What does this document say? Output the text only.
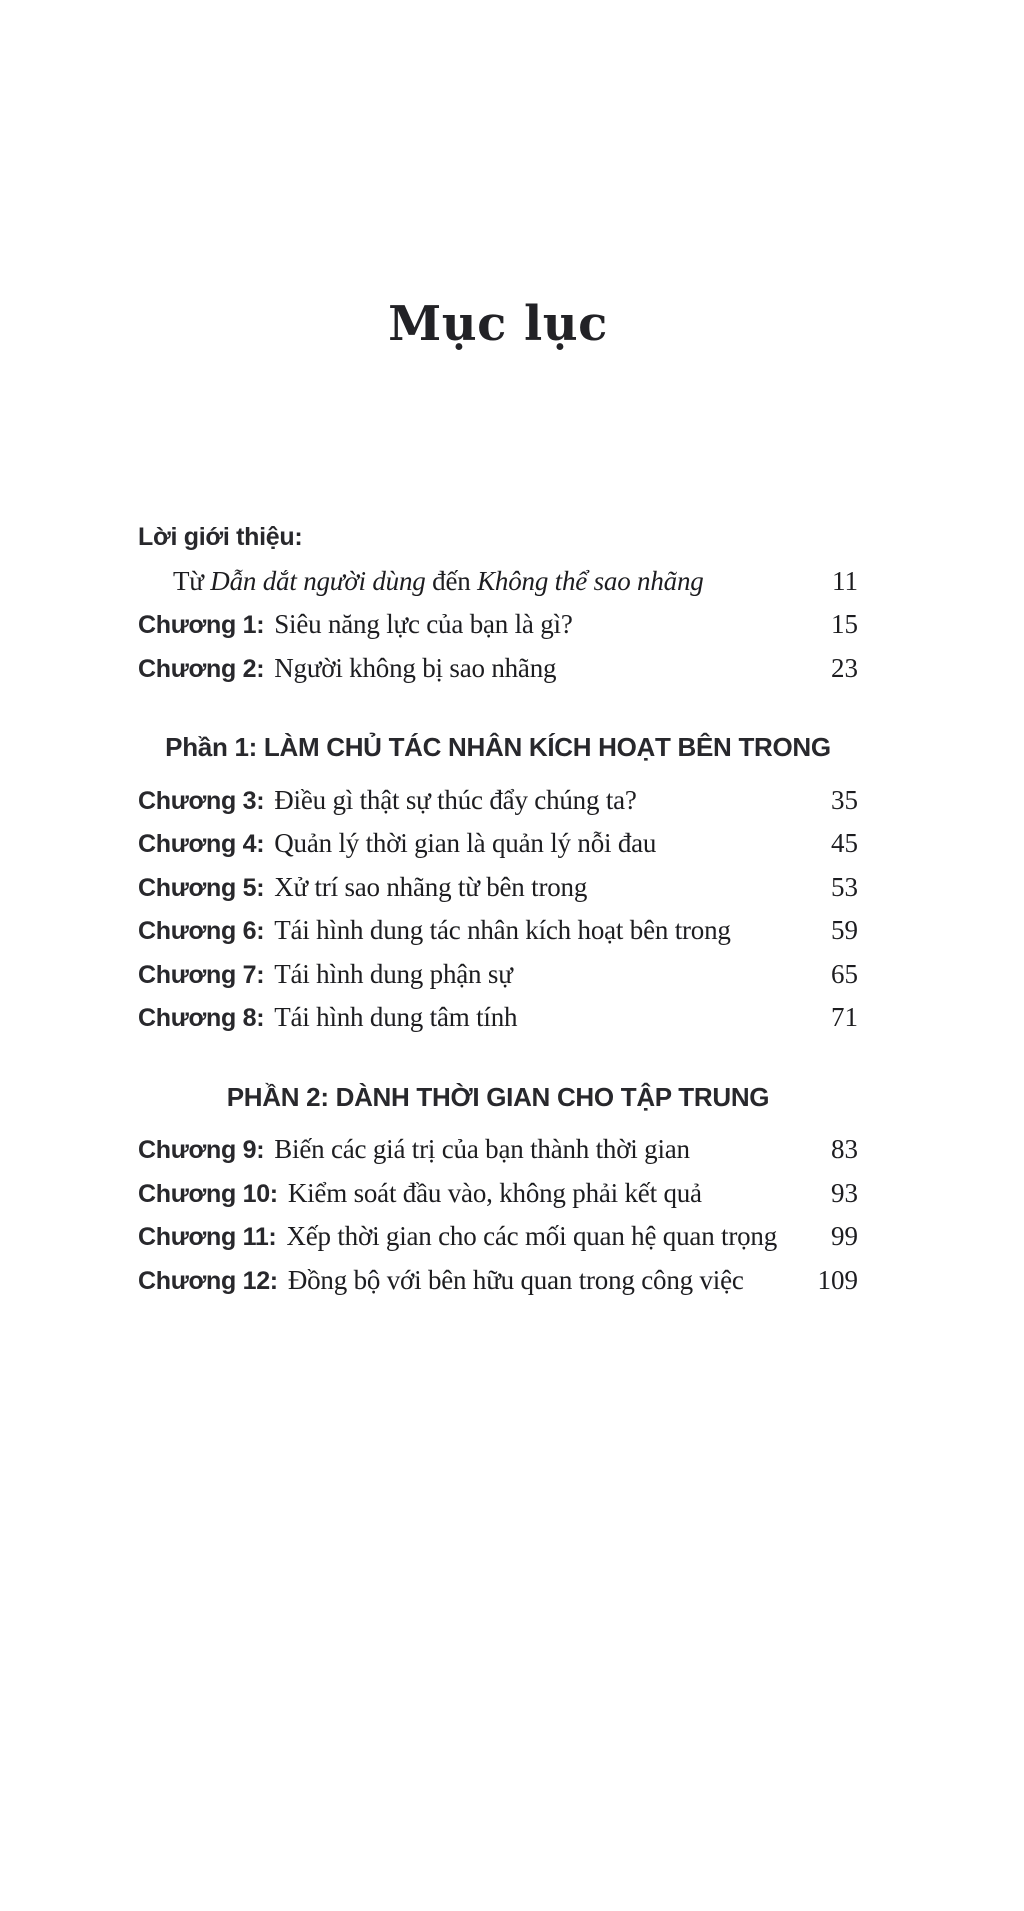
Mục lục
Lời giới thiệu:
Từ Dẫn dắt người dùng đến Không thể sao nhãng	11
Chương 1: Siêu năng lực của bạn là gì?	15
Chương 2: Người không bị sao nhãng	23
Phần 1: LÀM CHỦ TÁC NHÂN KÍCH HOẠT BÊN TRONG
Chương 3: Điều gì thật sự thúc đẩy chúng ta?	35
Chương 4: Quản lý thời gian là quản lý nỗi đau	45
Chương 5: Xử trí sao nhãng từ bên trong	53
Chương 6: Tái hình dung tác nhân kích hoạt bên trong	59
Chương 7: Tái hình dung phận sự	65
Chương 8: Tái hình dung tâm tính	71
PHẦN 2: DÀNH THỜI GIAN CHO TẬP TRUNG
Chương 9: Biến các giá trị của bạn thành thời gian	83
Chương 10: Kiểm soát đầu vào, không phải kết quả	93
Chương 11: Xếp thời gian cho các mối quan hệ quan trọng 99
Chương 12: Đồng bộ với bên hữu quan trong công việc	109
